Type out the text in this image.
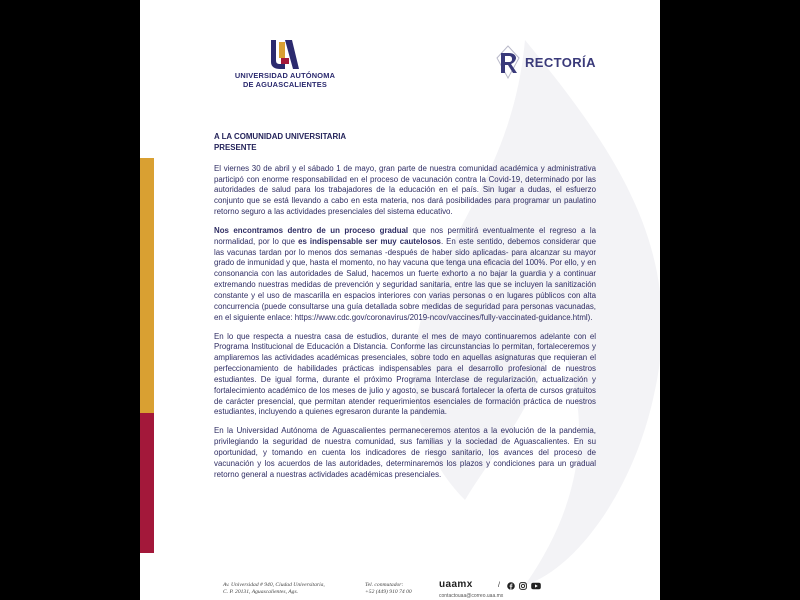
UNIVERSIDAD AUTÓNOMA
DE AGUASCALIENTES
RECTORÍA
A LA COMUNIDAD UNIVERSITARIA
PRESENTE
El viernes 30 de abril y el sábado 1 de mayo, gran parte de nuestra comunidad académica y administrativa participó con enorme responsabilidad en el proceso de vacunación contra la Covid-19, determinado por las autoridades de salud para los trabajadores de la educación en el país. Sin lugar a dudas, el esfuerzo conjunto que se está llevando a cabo en esta materia, nos dará posibilidades para programar un paulatino retorno seguro a las actividades presenciales del sistema educativo.
Nos encontramos dentro de un proceso gradual que nos permitirá eventualmente el regreso a la normalidad, por lo que es indispensable ser muy cautelosos. En este sentido, debemos considerar que las vacunas tardan por lo menos dos semanas -después de haber sido aplicadas- para alcanzar su mayor grado de inmunidad y que, hasta el momento, no hay vacuna que tenga una eficacia del 100%. Por ello, y en consonancia con las autoridades de Salud, hacemos un fuerte exhorto a no bajar la guardia y a continuar extremando nuestras medidas de prevención y seguridad sanitaria, entre las que se incluyen la sanitización constante y el uso de mascarilla en espacios interiores con varias personas o en lugares públicos con alta concurrencia (puede consultarse una guía detallada sobre medidas de seguridad para personas vacunadas, en el siguiente enlace: https://www.cdc.gov/coronavirus/2019-ncov/vaccines/fully-vaccinated-guidance.html).
En lo que respecta a nuestra casa de estudios, durante el mes de mayo continuaremos adelante con el Programa Institucional de Educación a Distancia. Conforme las circunstancias lo permitan, fortaleceremos y ampliaremos las actividades académicas presenciales, sobre todo en aquellas asignaturas que requieran el perfeccionamiento de habilidades prácticas indispensables para el desarrollo profesional de nuestros estudiantes. De igual forma, durante el próximo Programa Interclase de regularización, actualización y fortalecimiento académico de los meses de julio y agosto, se buscará fortalecer la oferta de cursos gratuitos de carácter presencial, que permitan atender requerimientos esenciales de formación práctica de nuestros estudiantes, incluyendo a quienes egresaron durante la pandemia.
En la Universidad Autónoma de Aguascalientes permaneceremos atentos a la evolución de la pandemia, privilegiando la seguridad de nuestra comunidad, sus familias y la sociedad de Aguascalientes. En su oportunidad, y tomando en cuenta los indicadores de riesgo sanitario, los avances del proceso de vacunación y los acuerdos de las autoridades, determinaremos los plazos y condiciones para un gradual retorno general a nuestras actividades académicas presenciales.
Av. Universidad # 940, Ciudad Universitaria,
C. P. 20131, Aguascalientes, Ags.
Tel. conmutador:
+52 (449) 910 74 00
uaamx	/
contactouaa@correo.uaa.mx
